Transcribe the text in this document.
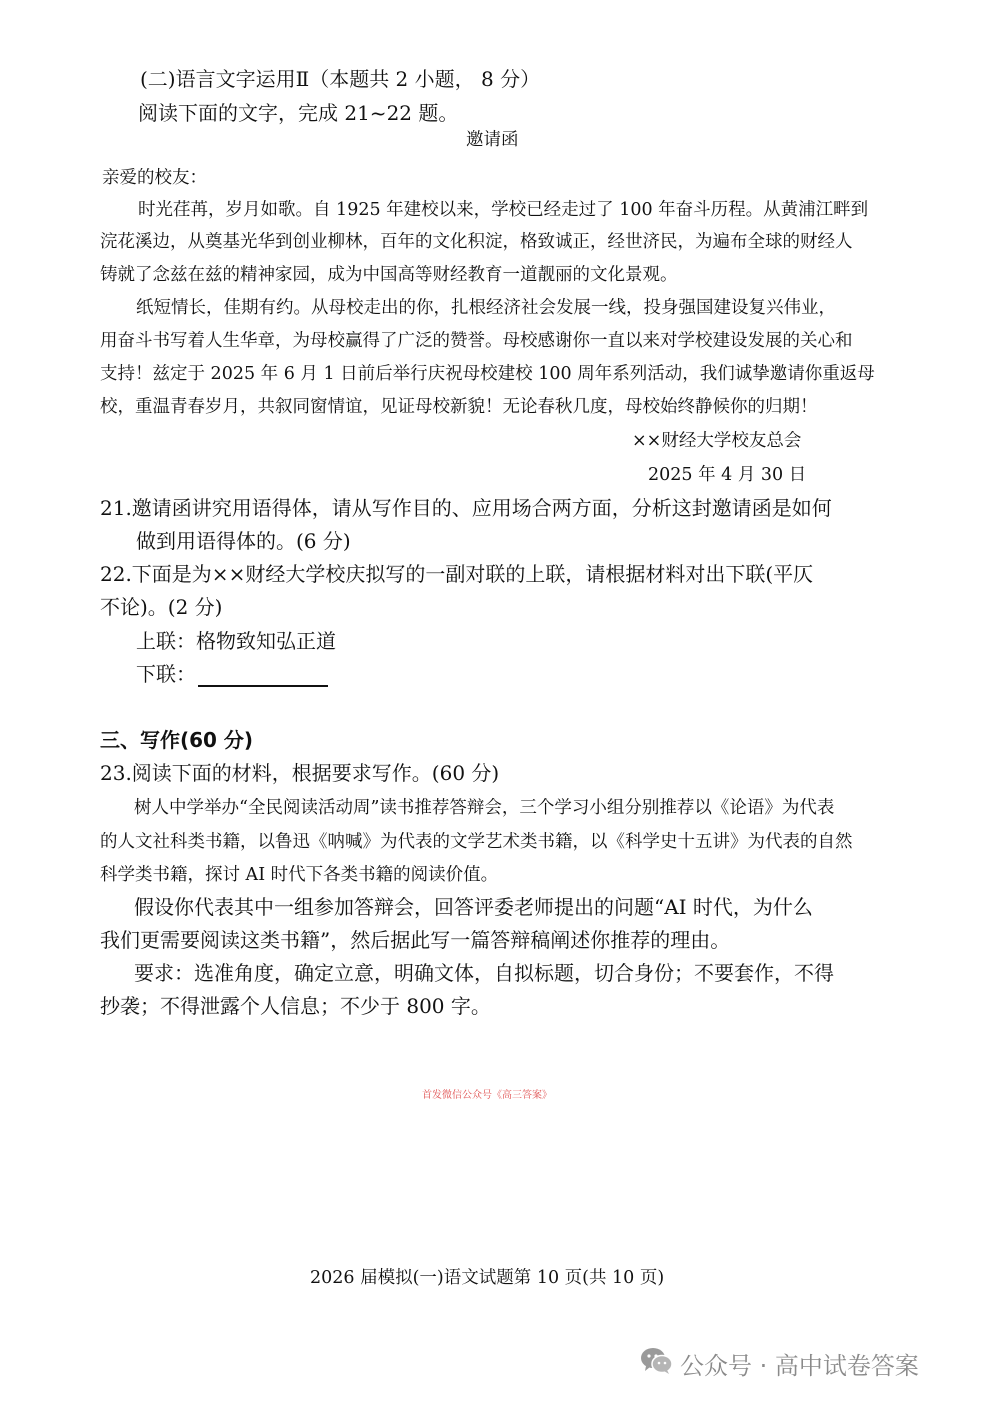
(二)语言文字运用Ⅱ（本题共 2 小题， 8 分）
阅读下面的文字，完成 21~22 题。
邀请函
亲爱的校友：
时光荏苒，岁月如歌。自 1925 年建校以来，学校已经走过了 100 年奋斗历程。从黄浦江畔到
浣花溪边，从奠基光华到创业柳林，百年的文化积淀，格致诚正，经世济民，为遍布全球的财经人
铸就了念兹在兹的精神家园，成为中国高等财经教育一道靓丽的文化景观。
纸短情长，佳期有约。从母校走出的你，扎根经济社会发展一线，投身强国建设复兴伟业，
用奋斗书写着人生华章，为母校赢得了广泛的赞誉。母校感谢你一直以来对学校建设发展的关心和
支持！兹定于 2025 年 6 月 1 日前后举行庆祝母校建校 100 周年系列活动，我们诚挚邀请你重返母
校，重温青春岁月，共叙同窗情谊，见证母校新貌！无论春秋几度，母校始终静候你的归期！
××财经大学校友总会
2025 年 4 月 30 日
21.邀请函讲究用语得体，请从写作目的、应用场合两方面，分析这封邀请函是如何
做到用语得体的。(6 分)
22.下面是为××财经大学校庆拟写的一副对联的上联，请根据材料对出下联(平仄
不论)。(2 分)
上联：格物致知弘正道
下联：
三、写作(60 分)
23.阅读下面的材料，根据要求写作。(60 分)
树人中学举办“全民阅读活动周”读书推荐答辩会，三个学习小组分别推荐以《论语》为代表
的人文社科类书籍，以鲁迅《呐喊》为代表的文学艺术类书籍，以《科学史十五讲》为代表的自然
科学类书籍，探讨 AI 时代下各类书籍的阅读价值。
假设你代表其中一组参加答辩会，回答评委老师提出的问题“AI 时代，为什么
我们更需要阅读这类书籍”，然后据此写一篇答辩稿阐述你推荐的理由。
要求：选准角度，确定立意，明确文体，自拟标题，切合身份；不要套作，不得
抄袭；不得泄露个人信息；不少于 800 字。
首发微信公众号《高三答案》
2026 届模拟(一)语文试题第 10 页(共 10 页)
公众号 · 高中试卷答案
